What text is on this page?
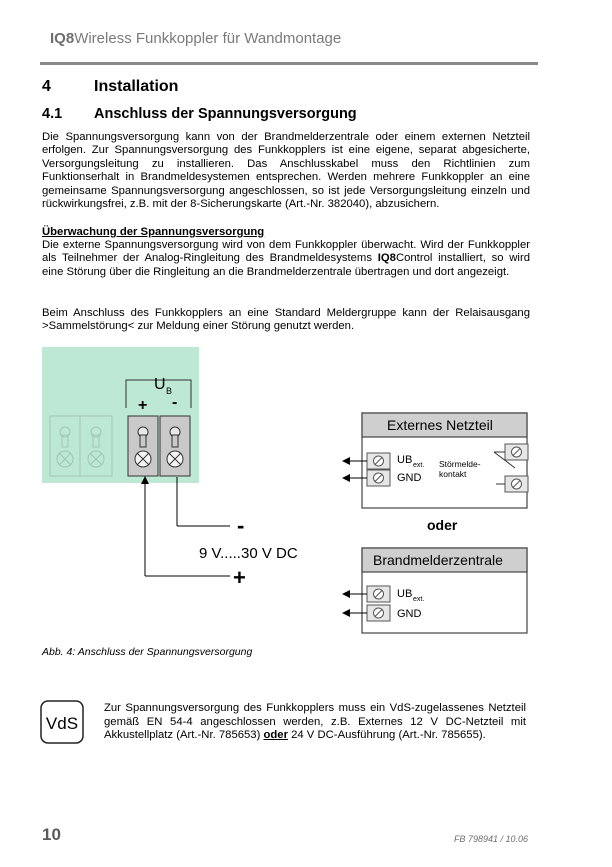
IQ8Wireless Funkkoppler für Wandmontage
4	Installation
4.1 Anschluss der Spannungsversorgung
Die Spannungsversorgung kann von der Brandmelderzentrale oder einem externen Netzteil erfolgen. Zur Spannungsversorgung des Funkkopplers ist eine eigene, separat abgesicherte, Versorgungsleitung zu installieren. Das Anschlusskabel muss den Richtlinien zum Funktionserhalt in Brandmeldesystemen entsprechen. Werden mehrere Funkkoppler an eine gemeinsame Spannungsversorgung angeschlossen, so ist jede Versorgungsleitung einzeln und rückwirkungsfrei, z.B. mit der 8-Sicherungskarte (Art.-Nr. 382040), abzusichern.
Überwachung der Spannungsversorgung
Die externe Spannungsversorgung wird von dem Funkkoppler überwacht. Wird der Funkkoppler als Teilnehmer der Analog-Ringleitung des Brandmeldesystems IQ8Control installiert, so wird eine Störung über die Ringleitung an die Brandmelderzentrale übertragen und dort angezeigt.
Beim Anschluss des Funkkopplers an eine Standard Meldergruppe kann der Relaisausgang >Sammelstörung< zur Meldung einer Störung genutzt werden.
U B
+ -
-
9 V.....30 V DC
+
Externes Netzteil
UB ext.
GND
Störmelde-
kontakt
oder
Brandmelderzentrale
UB ext.
GND
Abb. 4: Anschluss der Spannungsversorgung
VdS
Zur Spannungsversorgung des Funkkopplers muss ein VdS-zugelassenes Netzteil gemäß EN 54-4 angeschlossen werden, z.B. Externes 12 V DC-Netzteil mit Akkustellplatz (Art.-Nr. 785653) oder 24 V DC-Ausführung (Art.-Nr. 785655).
10	FB 798941 / 10.06
